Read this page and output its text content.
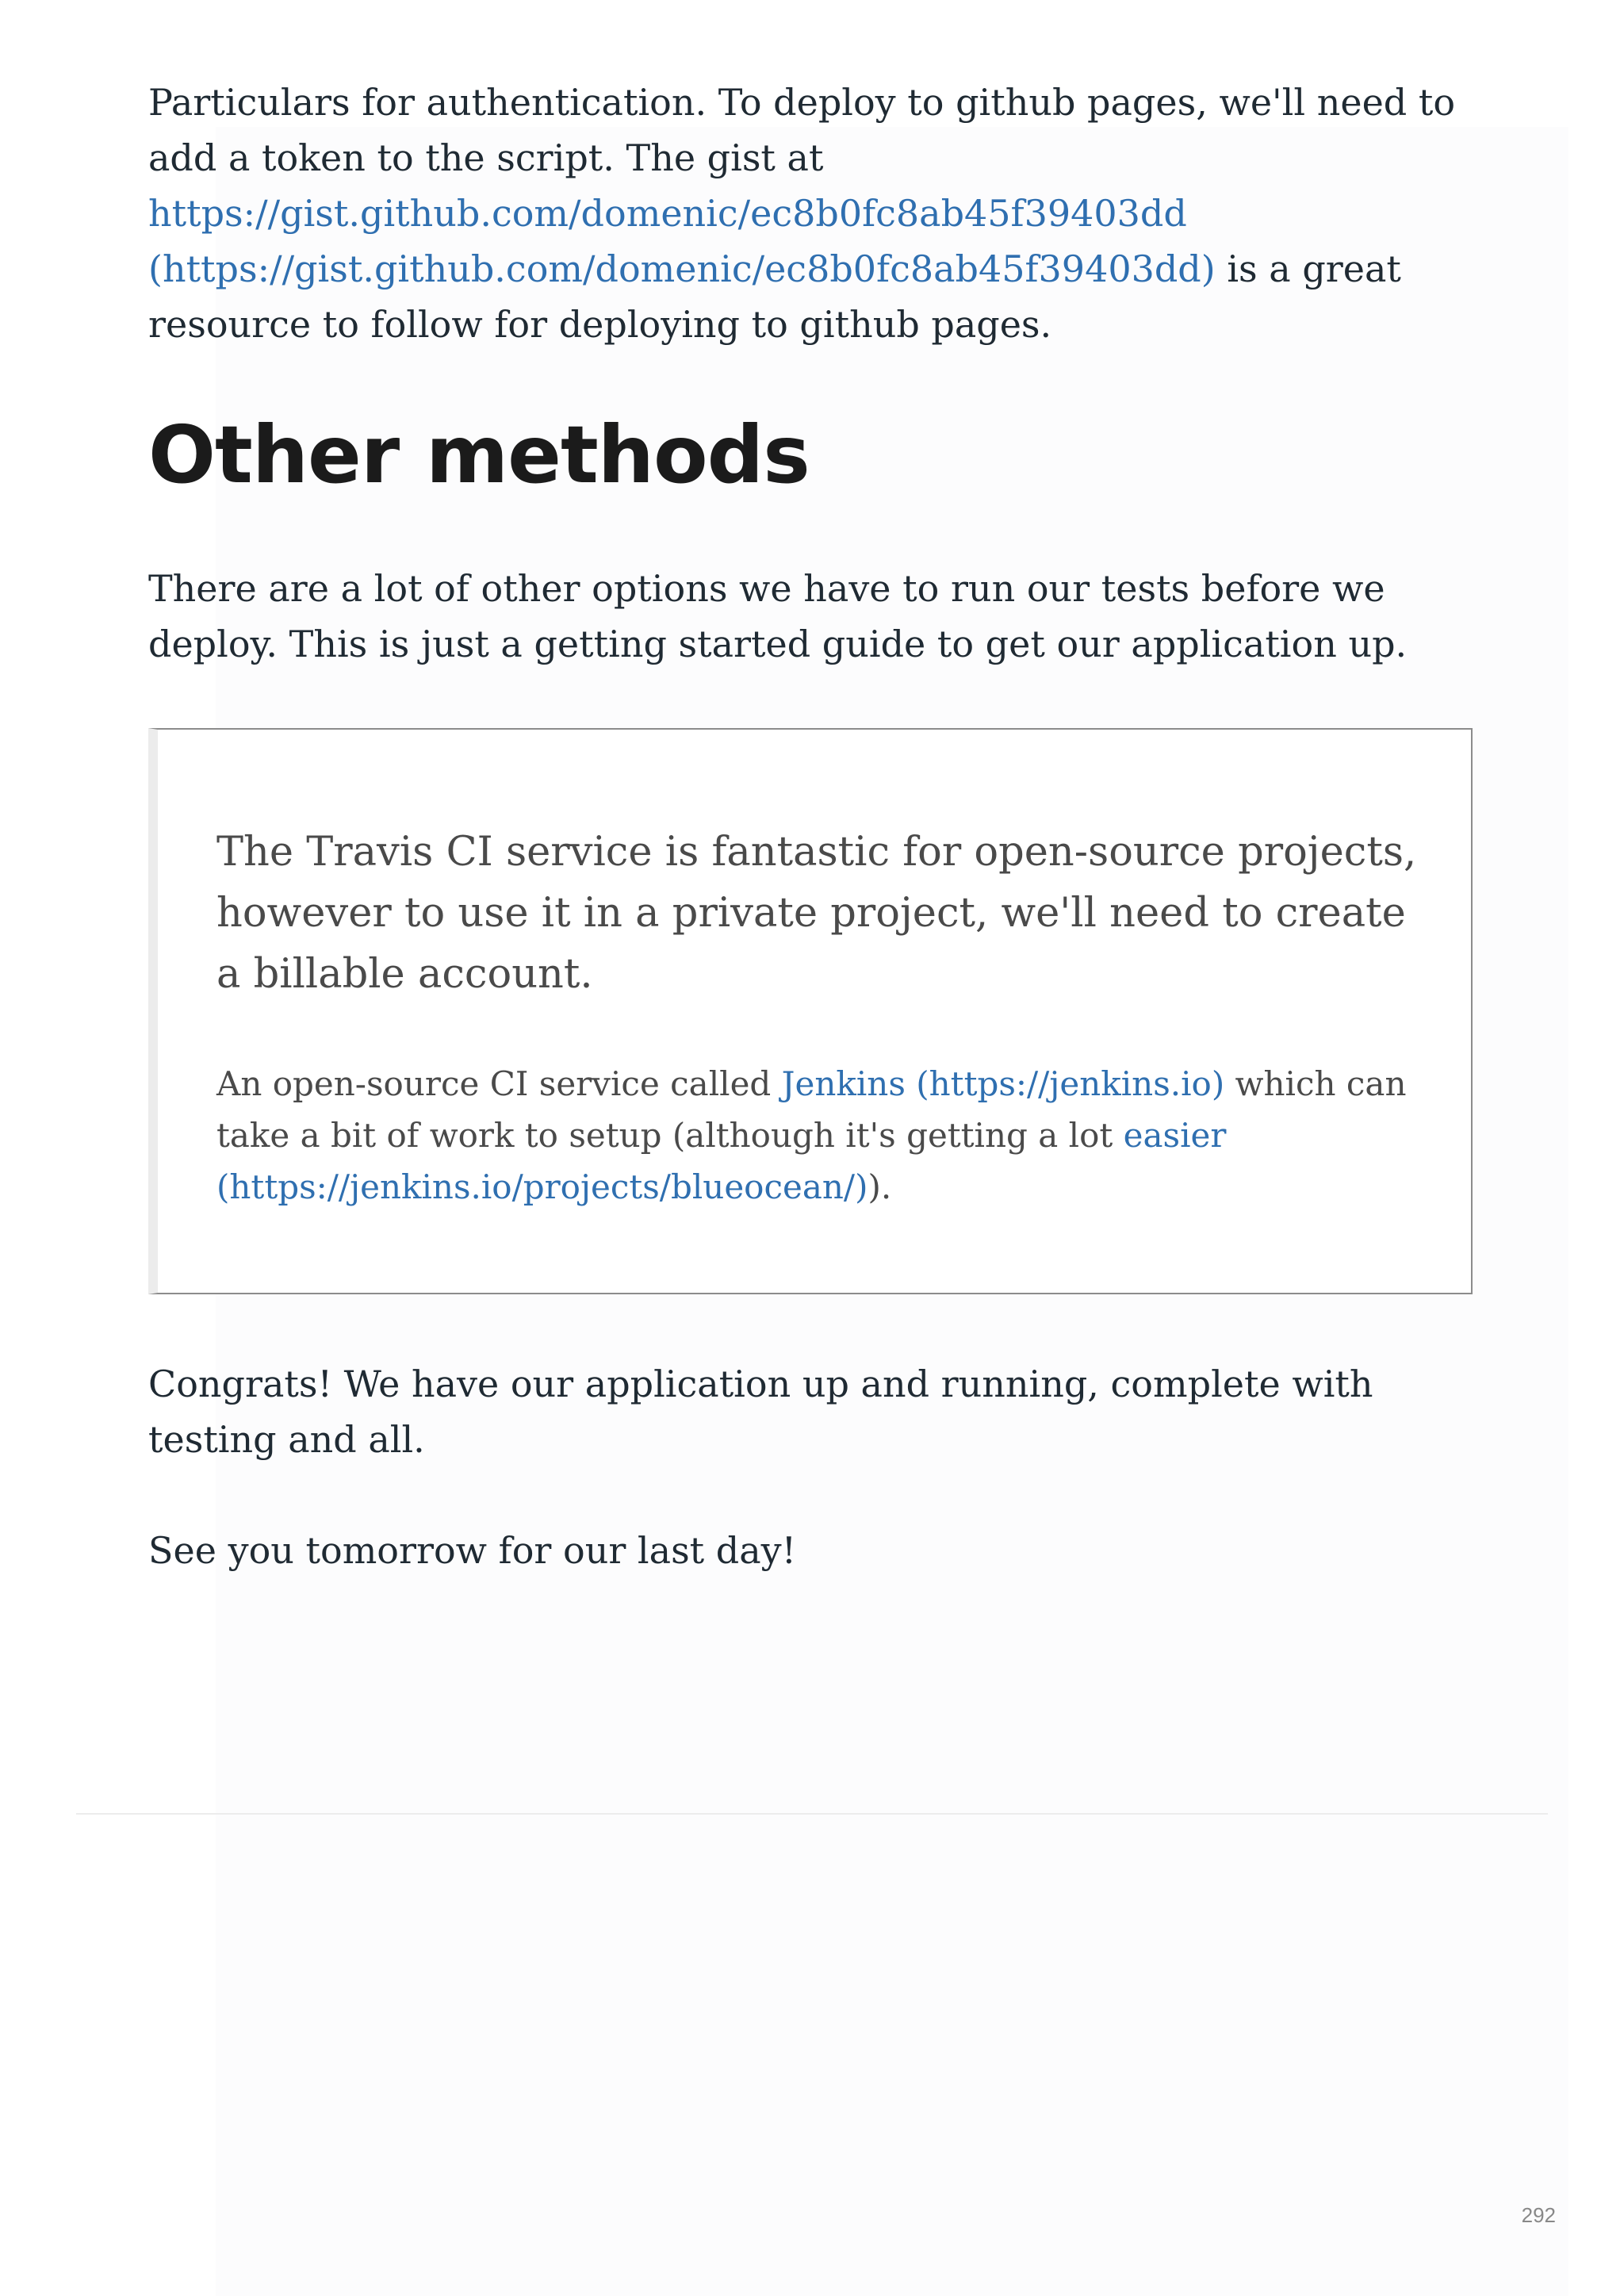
Particulars for authentication. To deploy to github pages, we'll need to add a token to the script. The gist at
https://gist.github.com/domenic/ec8b0fc8ab45f39403dd
(https://gist.github.com/domenic/ec8b0fc8ab45f39403dd) is a great resource to follow for deploying to github pages.

Other methods

There are a lot of other options we have to run our tests before we deploy. This is just a getting started guide to get our application up.

The Travis CI service is fantastic for open-source projects, however to use it in a private project, we'll need to create a billable account.

An open-source CI service called Jenkins (https://jenkins.io) which can take a bit of work to setup (although it's getting a lot easier (https://jenkins.io/projects/blueocean/)).

Congrats! We have our application up and running, complete with testing and all.

See you tomorrow for our last day!

292
